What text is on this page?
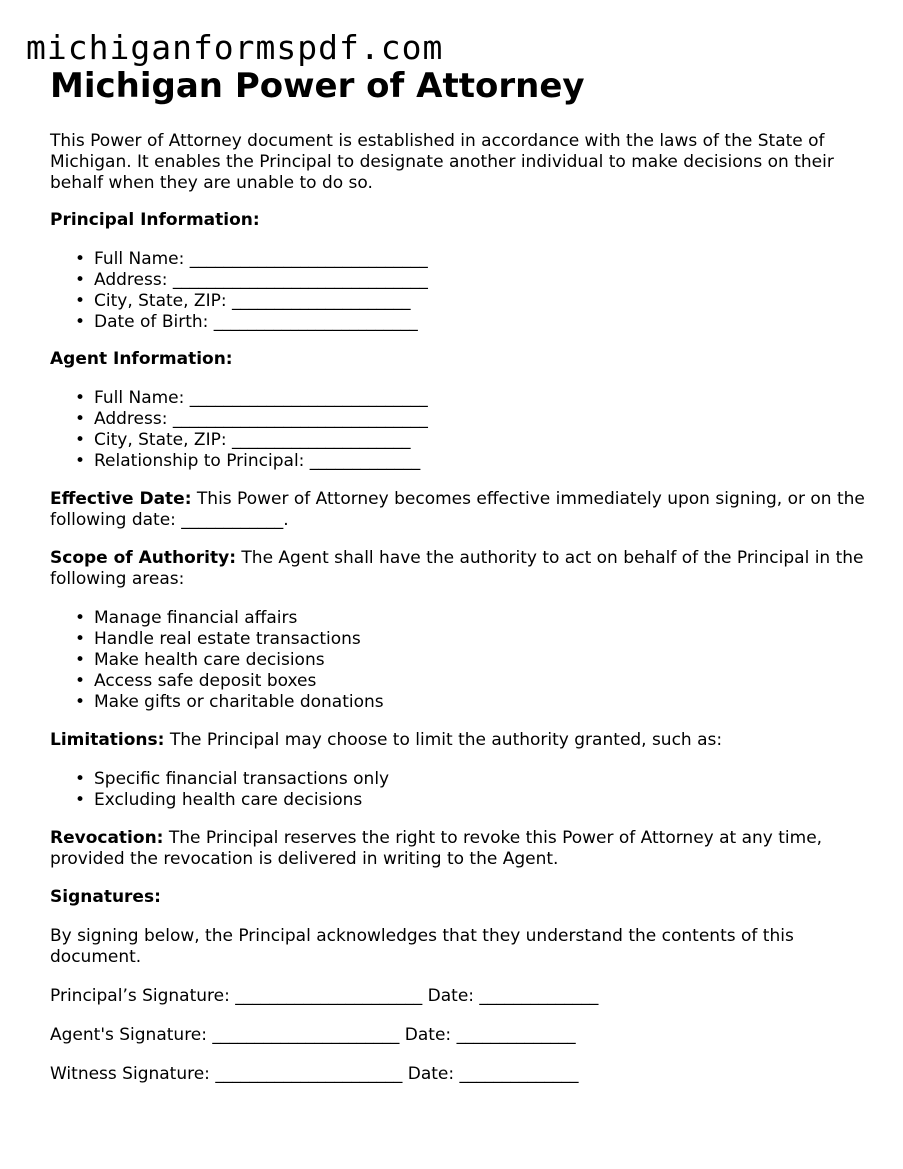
michiganformspdf.com
Michigan Power of Attorney

This Power of Attorney document is established in accordance with the laws of the State of Michigan. It enables the Principal to designate another individual to make decisions on their behalf when they are unable to do so.

Principal Information:

• Full Name: ____________________________
• Address: ______________________________
• City, State, ZIP: _____________________
• Date of Birth: ________________________

Agent Information:

• Full Name: ____________________________
• Address: ______________________________
• City, State, ZIP: _____________________
• Relationship to Principal: _____________

Effective Date: This Power of Attorney becomes effective immediately upon signing, or on the following date: ____________.

Scope of Authority: The Agent shall have the authority to act on behalf of the Principal in the following areas:

• Manage financial affairs
• Handle real estate transactions
• Make health care decisions
• Access safe deposit boxes
• Make gifts or charitable donations

Limitations: The Principal may choose to limit the authority granted, such as:

• Specific financial transactions only
• Excluding health care decisions

Revocation: The Principal reserves the right to revoke this Power of Attorney at any time, provided the revocation is delivered in writing to the Agent.

Signatures:

By signing below, the Principal acknowledges that they understand the contents of this document.

Principal’s Signature: ______________________ Date: ______________

Agent's Signature: ______________________ Date: ______________

Witness Signature: ______________________ Date: ______________
